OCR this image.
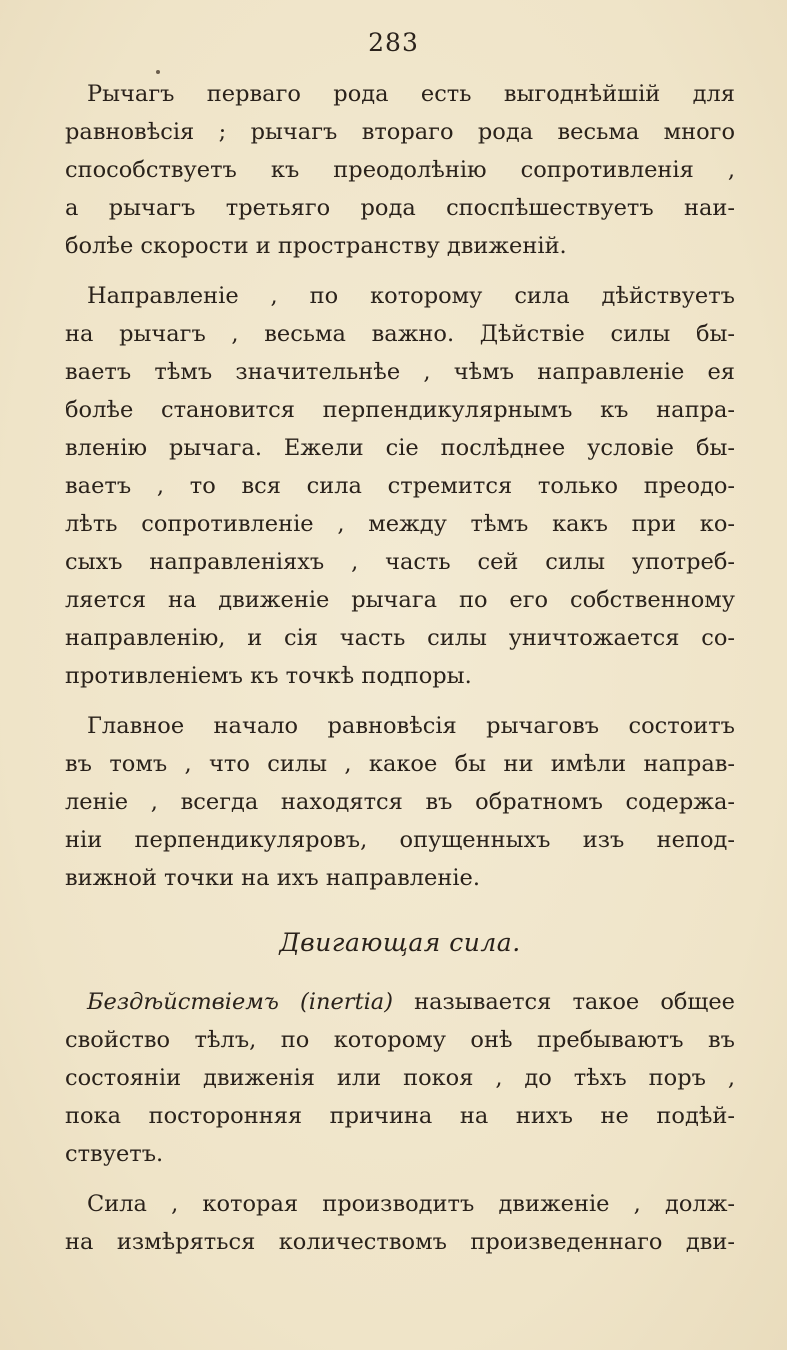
283
Рычагъ перваго рода есть выгоднѣйшій для
равновѣсія ; рычагъ втораго рода весьма много
способствуетъ къ преодолѣнію сопротивленія ,
а рычагъ третьяго рода споспѣшествуетъ наи-
болѣе скорости и пространству движеній.
Направленіе , по которому сила дѣйствуетъ
на рычагъ , весьма важно. Дѣйствіе силы бы-
ваетъ тѣмъ значительнѣе , чѣмъ направленіе ея
болѣе становится перпендикулярнымъ къ напра-
вленію рычага. Ежели сіе послѣднее условіе бы-
ваетъ , то вся сила стремится только преодо-
лѣть сопротивленіе , между тѣмъ какъ при ко-
сыхъ направленіяхъ , часть сей силы употреб-
ляется на движеніе рычага по его собственному
направленію, и сія часть силы уничтожается со-
противленіемъ къ точкѣ подпоры.
Главное начало равновѣсія рычаговъ состоитъ
въ томъ , что силы , какое бы ни имѣли направ-
леніе , всегда находятся въ обратномъ содержа-
ніи перпендикуляровъ, опущенныхъ изъ непод-
вижной точки на ихъ направленіе.
Двигающая сила.
Бездѣйствіемъ (inertia) называется такое общее
свойство тѣлъ, по которому онѣ пребываютъ въ
состояніи движенія или покоя , до тѣхъ поръ ,
пока посторонняя причина на нихъ не подѣй-
ствуетъ.
Сила , которая производитъ движеніе , долж-
на измѣряться количествомъ произведеннаго дви-
